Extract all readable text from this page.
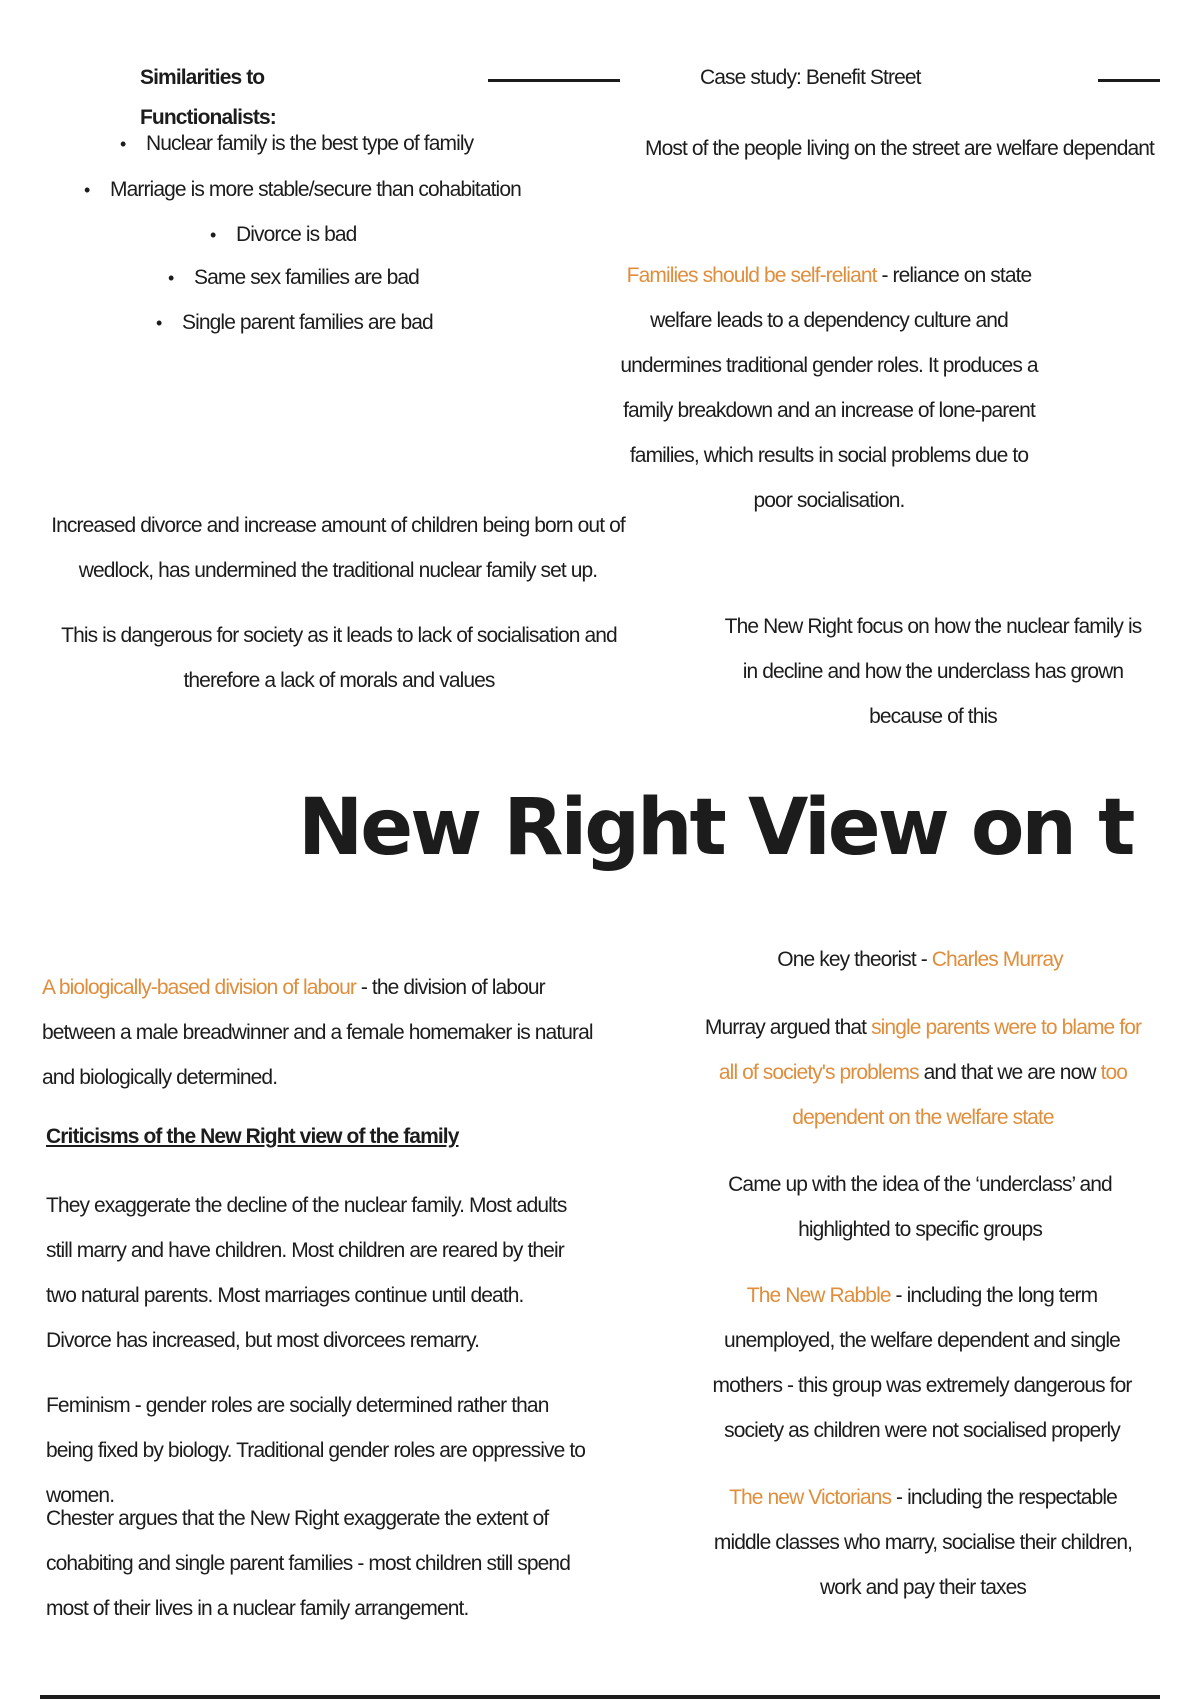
Similarities to Functionalists:
• Nuclear family is the best type of family
• Marriage is more stable/secure than cohabitation
• Divorce is bad
• Same sex families are bad
• Single parent families are bad
Increased divorce and increase amount of children being born out of wedlock, has undermined the traditional nuclear family set up.
This is dangerous for society as it leads to lack of socialisation and therefore a lack of morals and values
Case study: Benefit Street
Most of the people living on the street are welfare dependant
Families should be self-reliant - reliance on state welfare leads to a dependency culture and undermines traditional gender roles. It produces a family breakdown and an increase of lone-parent families, which results in social problems due to poor socialisation.
The New Right focus on how the nuclear family is in decline and how the underclass has grown because of this
New Right View on t
A biologically-based division of labour - the division of labour between a male breadwinner and a female homemaker is natural and biologically determined.
Criticisms of the New Right view of the family
They exaggerate the decline of the nuclear family. Most adults still marry and have children. Most children are reared by their two natural parents. Most marriages continue until death. Divorce has increased, but most divorcees remarry.
Feminism - gender roles are socially determined rather than being fixed by biology. Traditional gender roles are oppressive to women.
Chester argues that the New Right exaggerate the extent of cohabiting and single parent families - most children still spend most of their lives in a nuclear family arrangement.
One key theorist - Charles Murray
Murray argued that single parents were to blame for all of society's problems and that we are now too dependent on the welfare state
Came up with the idea of the ‘underclass’ and highlighted to specific groups
The New Rabble - including the long term unemployed, the welfare dependent and single mothers - this group was extremely dangerous for society as children were not socialised properly
The new Victorians - including the respectable middle classes who marry, socialise their children, work and pay their taxes
